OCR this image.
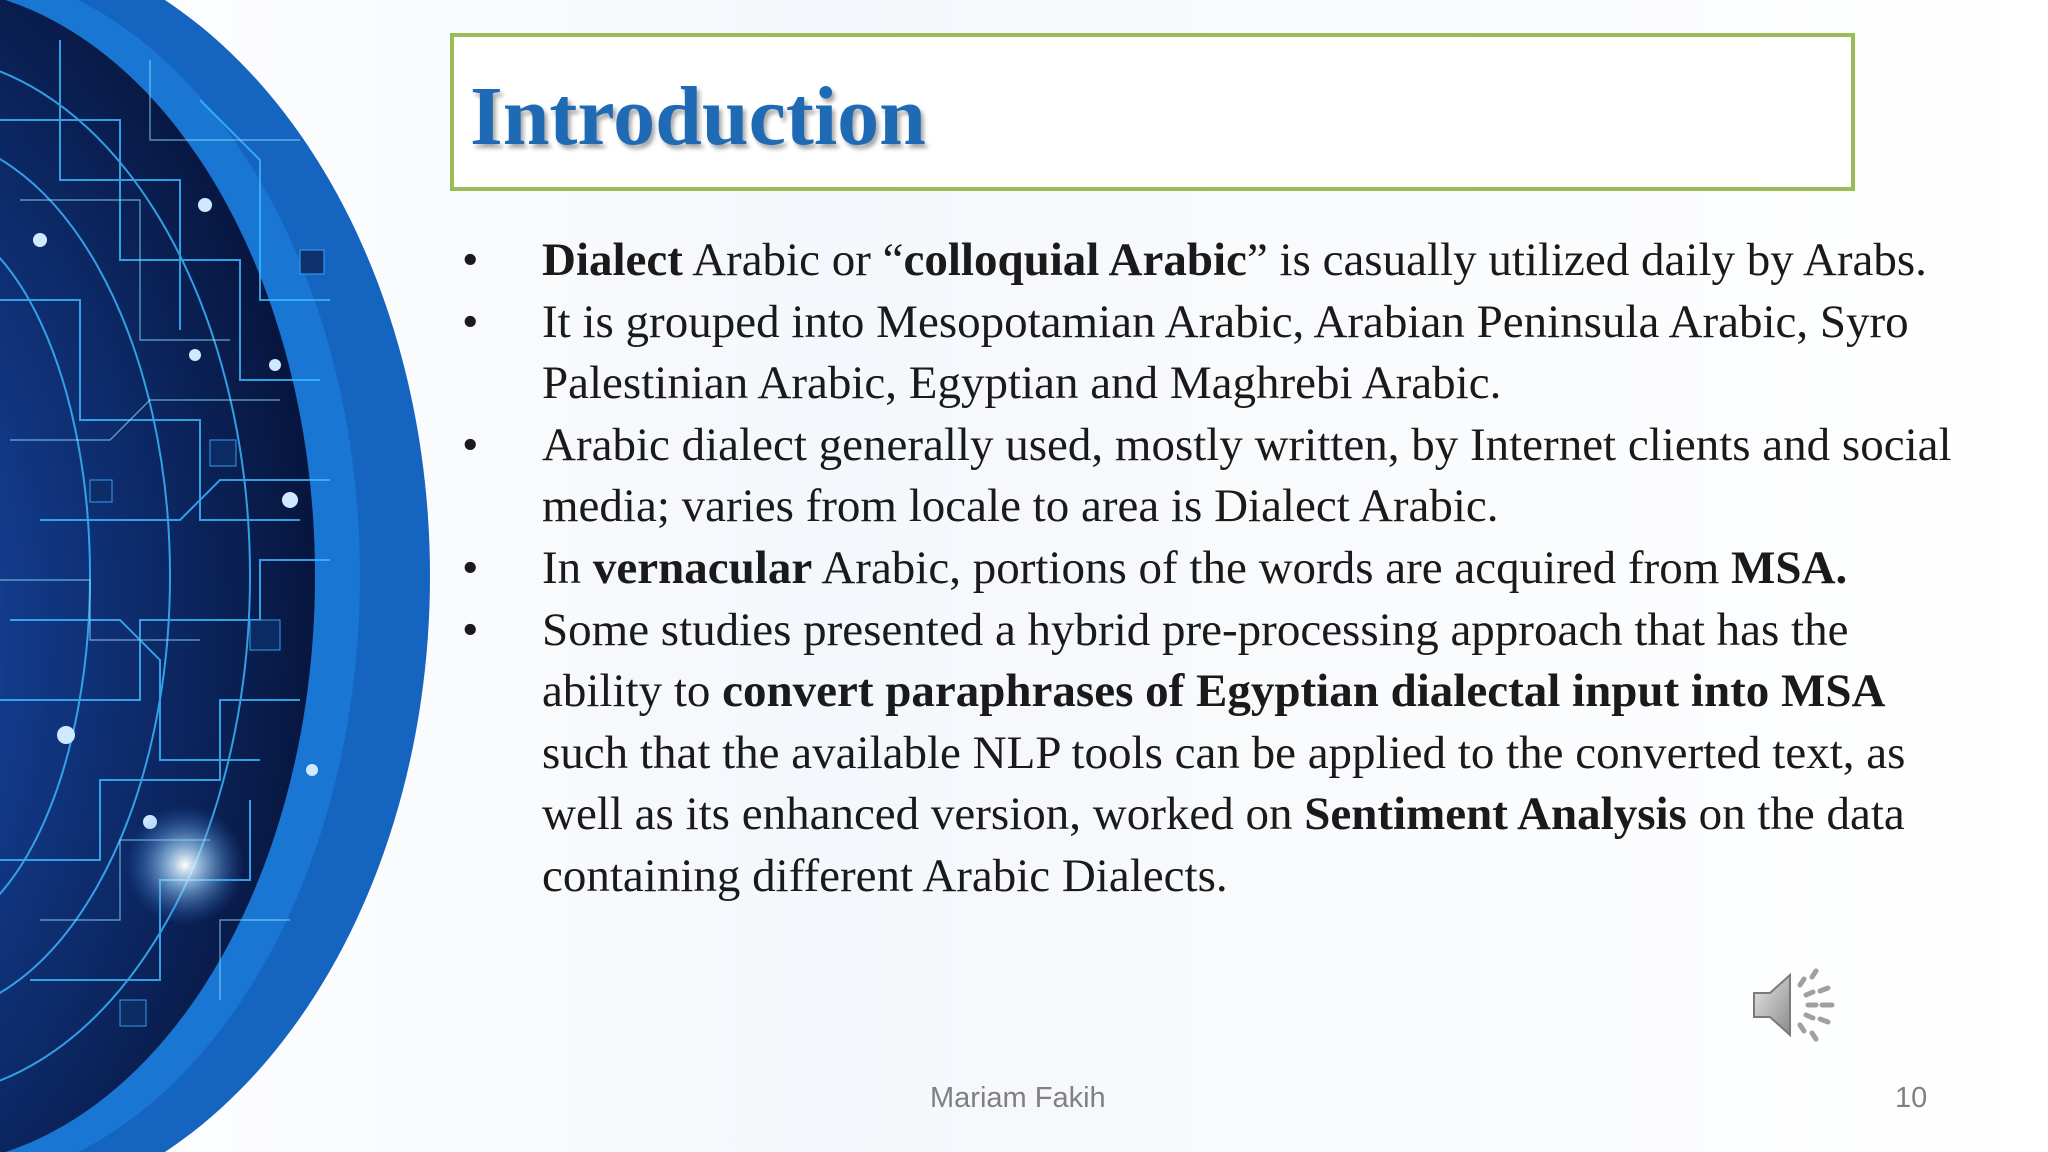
Introduction
• Dialect Arabic or “colloquial Arabic” is casually utilized daily by Arabs.
• It is grouped into Mesopotamian Arabic, Arabian Peninsula Arabic, Syro Palestinian Arabic, Egyptian and Maghrebi Arabic.
• Arabic dialect generally used, mostly written, by Internet clients and social media; varies from locale to area is Dialect Arabic.
• In vernacular Arabic, portions of the words are acquired from MSA.
• Some studies presented a hybrid pre-processing approach that has the ability to convert paraphrases of Egyptian dialectal input into MSA such that the available NLP tools can be applied to the converted text, as well as its enhanced version, worked on Sentiment Analysis on the data containing different Arabic Dialects.
Mariam Fakih	10
